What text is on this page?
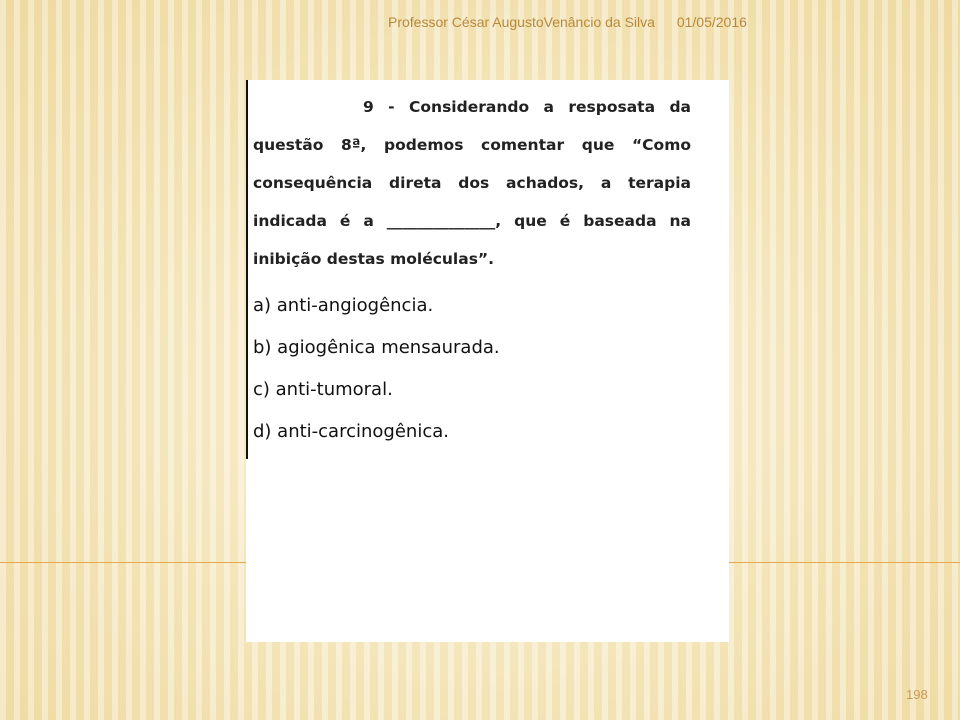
Professor César AugustoVenâncio da Silva 01/05/2016
9 - Considerando a resposata da questão 8ª, podemos comentar que “Como consequência direta dos achados, a terapia indicada é a ______________, que é baseada na inibição destas moléculas”.
a) anti-angiogência.
b) agiogênica mensaurada.
c) anti-tumoral.
d) anti-carcinogênica.
198
